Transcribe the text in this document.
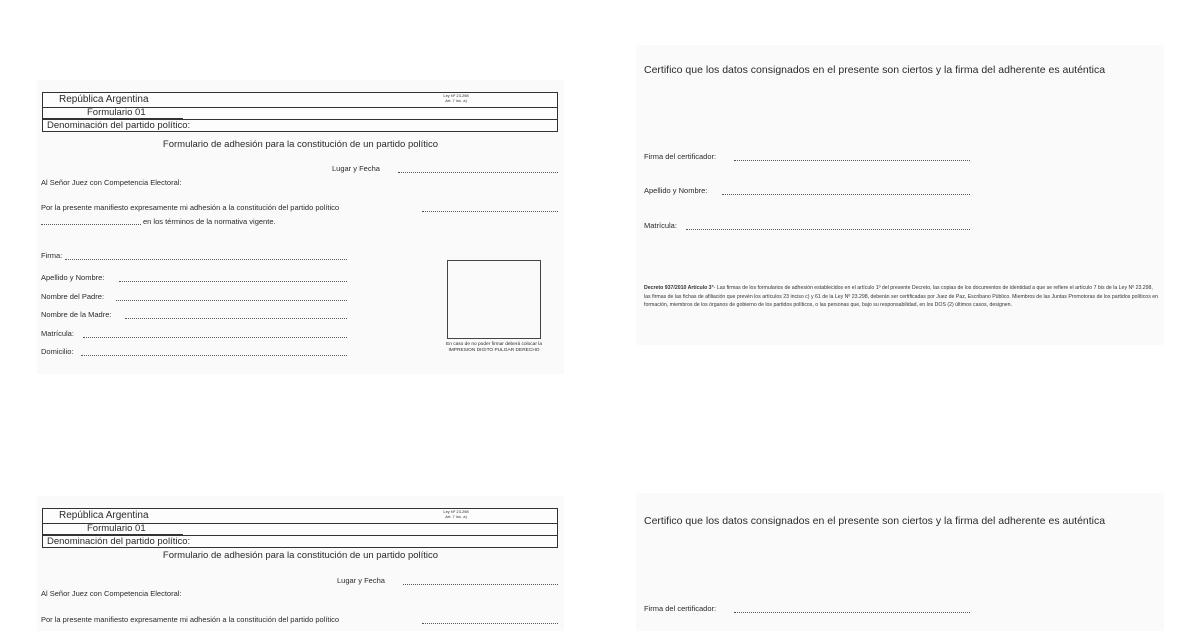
República Argentina	Ley Nº 23.298
Art. 7 inc. a)
Formulario 01
Denominación del partido político:
Formulario de adhesión para la constitución de un partido político
Lugar y Fecha
Al Señor Juez con Competencia Electoral:
Por la presente manifiesto expresamente mi adhesión a la constitución del partido político
en los términos de la normativa vigente.
Firma:
Apellido y Nombre:
Nombre del Padre:
Nombre de la Madre:
Matrícula:
Domicilio:
En caso de no poder firmar deberá colocar la IMPRESION DIGITO PULGAR DERECHO
Certifico que los datos consignados en el presente son ciertos y la firma del adherente es auténtica
Firma del certificador:
Apellido y Nombre:
Matrícula:
Decreto 937/2010 Artículo 3°- Las firmas de los formularios de adhesión establecidos en el artículo 1º del presente Decreto, las copias de los documentos de identidad a que se refiere el artículo 7 bis de la Ley Nº 23.298, las firmas de las fichas de afiliación que prevén los artículos 23 inciso c) y 61 de la Ley Nº 23.298, deberán ser certificadas por Juez de Paz, Escribano Público. Miembros de las Juntas Promotoras de los partidos políticos en formación, miembros de los órganos de gobierno de los partidos políticos, o las personas que, bajo su responsabilidad, en los DOS (2) últimos casos, designen.
República Argentina	Ley Nº 23.298
Art. 7 inc. a)
Formulario 01
Denominación del partido político:
Formulario de adhesión para la constitución de un partido político
Lugar y Fecha
Al Señor Juez con Competencia Electoral:
Por la presente manifiesto expresamente mi adhesión a la constitución del partido político
Certifico que los datos consignados en el presente son ciertos y la firma del adherente es auténtica
Firma del certificador:
